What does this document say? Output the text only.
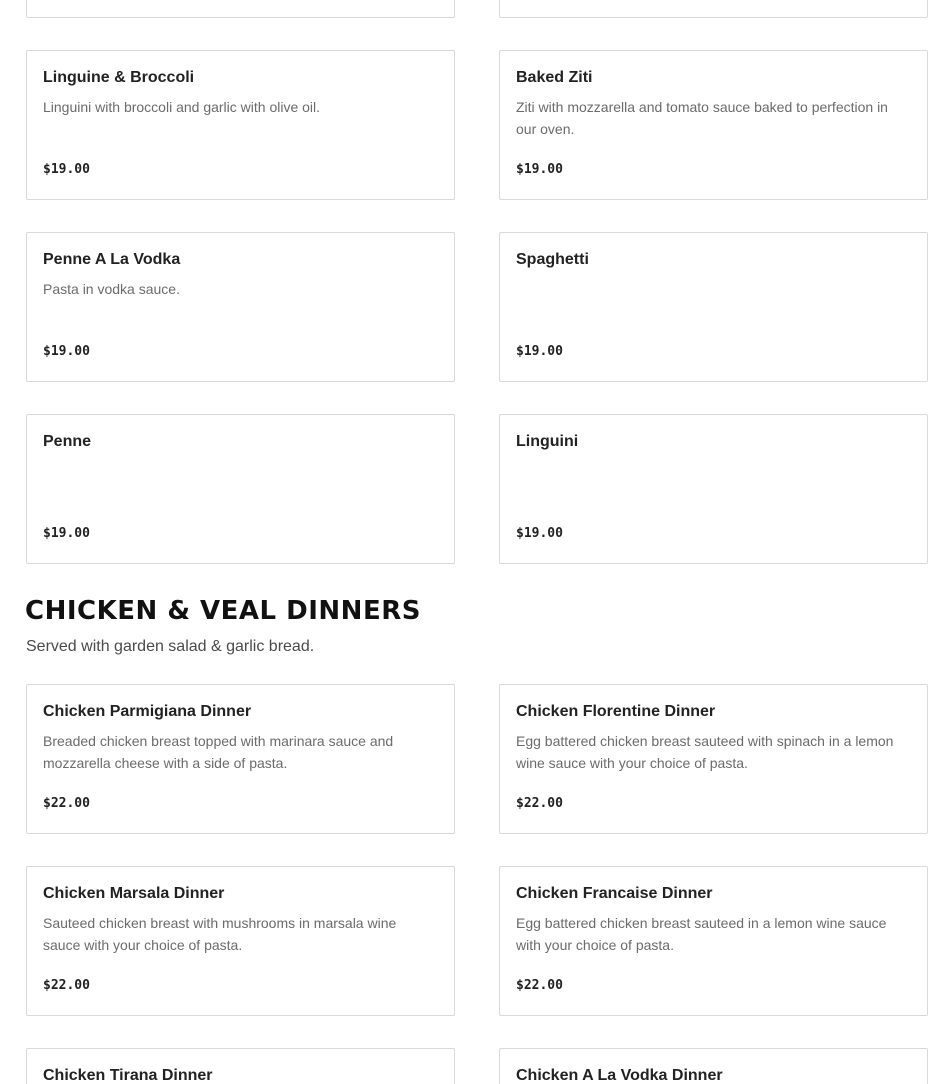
Linguine & Broccoli
Linguini with broccoli and garlic with olive oil.
$19.00
Baked Ziti
Ziti with mozzarella and tomato sauce baked to perfection in our oven.
$19.00
Penne A La Vodka
Pasta in vodka sauce.
$19.00
Spaghetti
$19.00
Penne
$19.00
Linguini
$19.00
CHICKEN & VEAL DINNERS
Served with garden salad & garlic bread.
Chicken Parmigiana Dinner
Breaded chicken breast topped with marinara sauce and mozzarella cheese with a side of pasta.
$22.00
Chicken Florentine Dinner
Egg battered chicken breast sauteed with spinach in a lemon wine sauce with your choice of pasta.
$22.00
Chicken Marsala Dinner
Sauteed chicken breast with mushrooms in marsala wine sauce with your choice of pasta.
$22.00
Chicken Francaise Dinner
Egg battered chicken breast sauteed in a lemon wine sauce with your choice of pasta.
$22.00
Chicken Tirana Dinner	Chicken A La Vodka Dinner
